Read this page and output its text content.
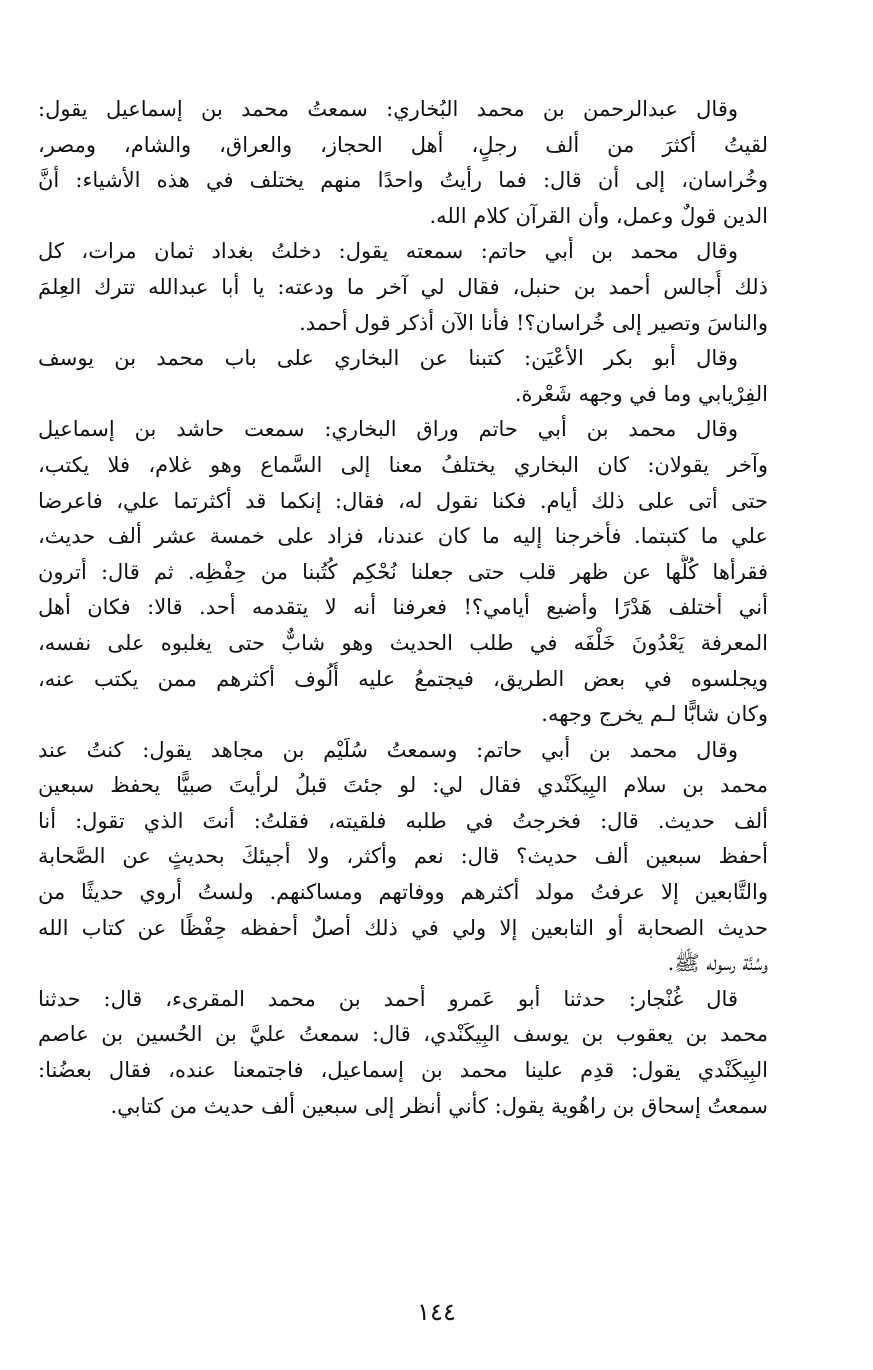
وقال عبدالرحمن بن محمد البُخاري: سمعتُ محمد بن إسماعيل يقول:
لقيتُ أكثرَ من ألف رجلٍ، أهل الحجاز، والعراق، والشام، ومصر،
وخُراسان، إلى أن قال: فما رأيتُ واحدًا منهم يختلف في هذه الأشياء: أنَّ
الدين قولٌ وعمل، وأن القرآن كلام الله.
وقال محمد بن أبي حاتم: سمعته يقول: دخلتُ بغداد ثمان مرات، كل
ذلك أُجالس أحمد بن حنبل، فقال لي آخر ما ودعته: يا أبا عبدالله تترك العِلمَ
والناسَ وتصير إلى خُراسان؟! فأنا الآن أذكر قول أحمد.
وقال أبو بكر الأعْيَن: كتبنا عن البخاري على باب محمد بن يوسف
الفِرْيابي وما في وجهه شَعْرة.
وقال محمد بن أبي حاتم وراق البخاري: سمعت حاشد بن إسماعيل
وآخر يقولان: كان البخاري يختلفُ معنا إلى السَّماع وهو غلام، فلا يكتب،
حتى أتى على ذلك أيام. فكنا نقول له، فقال: إنكما قد أكثرتما علي، فاعرضا
علي ما كتبتما. فأخرجنا إليه ما كان عندنا، فزاد على خمسة عشر ألف حديث،
فقرأها كُلَّها عن ظهر قلب حتى جعلنا نُحْكِم كُتُبنا من حِفْظِه. ثم قال: أترون
أني أختلف هَدْرًا وأضيع أيامي؟! فعرفنا أنه لا يتقدمه أحد. قالا: فكان أهل
المعرفة يَعْدُونَ خَلْفَه في طلب الحديث وهو شابٌّ حتى يغلبوه على نفسه،
ويجلسوه في بعض الطريق، فيجتمعُ عليه أُلُوف أكثرهم ممن يكتب عنه،
وكان شابًّا لـم يخرج وجهه.
وقال محمد بن أبي حاتم: وسمعتُ سُلَيْم بن مجاهد يقول: كنتُ عند
محمد بن سلام البِيكَنْدي فقال لي: لو جئتَ قبلُ لرأيتَ صبيًّا يحفظ سبعين
ألف حديث. قال: فخرجتُ في طلبه فلقيته، فقلتُ: أنتَ الذي تقول: أنا
أحفظ سبعين ألف حديث؟ قال: نعم وأكثر، ولا أجيئكَ بحديثٍ عن الصَّحابة
والتَّابعين إلا عرفتُ مولد أكثرهم ووفاتهم ومساكنهم. ولستُ أروي حديثًا من
حديث الصحابة أو التابعين إلا ولي في ذلك أصلٌ أحفظه حِفْظًا عن كتاب الله
وسُنَّة رسوله ﷺ.
قال غُنْجار: حدثنا أبو عَمرو أحمد بن محمد المقرىء، قال: حدثنا
محمد بن يعقوب بن يوسف البِيكَنْدي، قال: سمعتُ عليَّ بن الحُسين بن عاصم
البِيكَنْدي يقول: قدِم علينا محمد بن إسماعيل، فاجتمعنا عنده، فقال بعضُنا:
سمعتُ إسحاق بن راهُوية يقول: كأني أنظر إلى سبعين ألف حديث من كتابي.
١٤٤
